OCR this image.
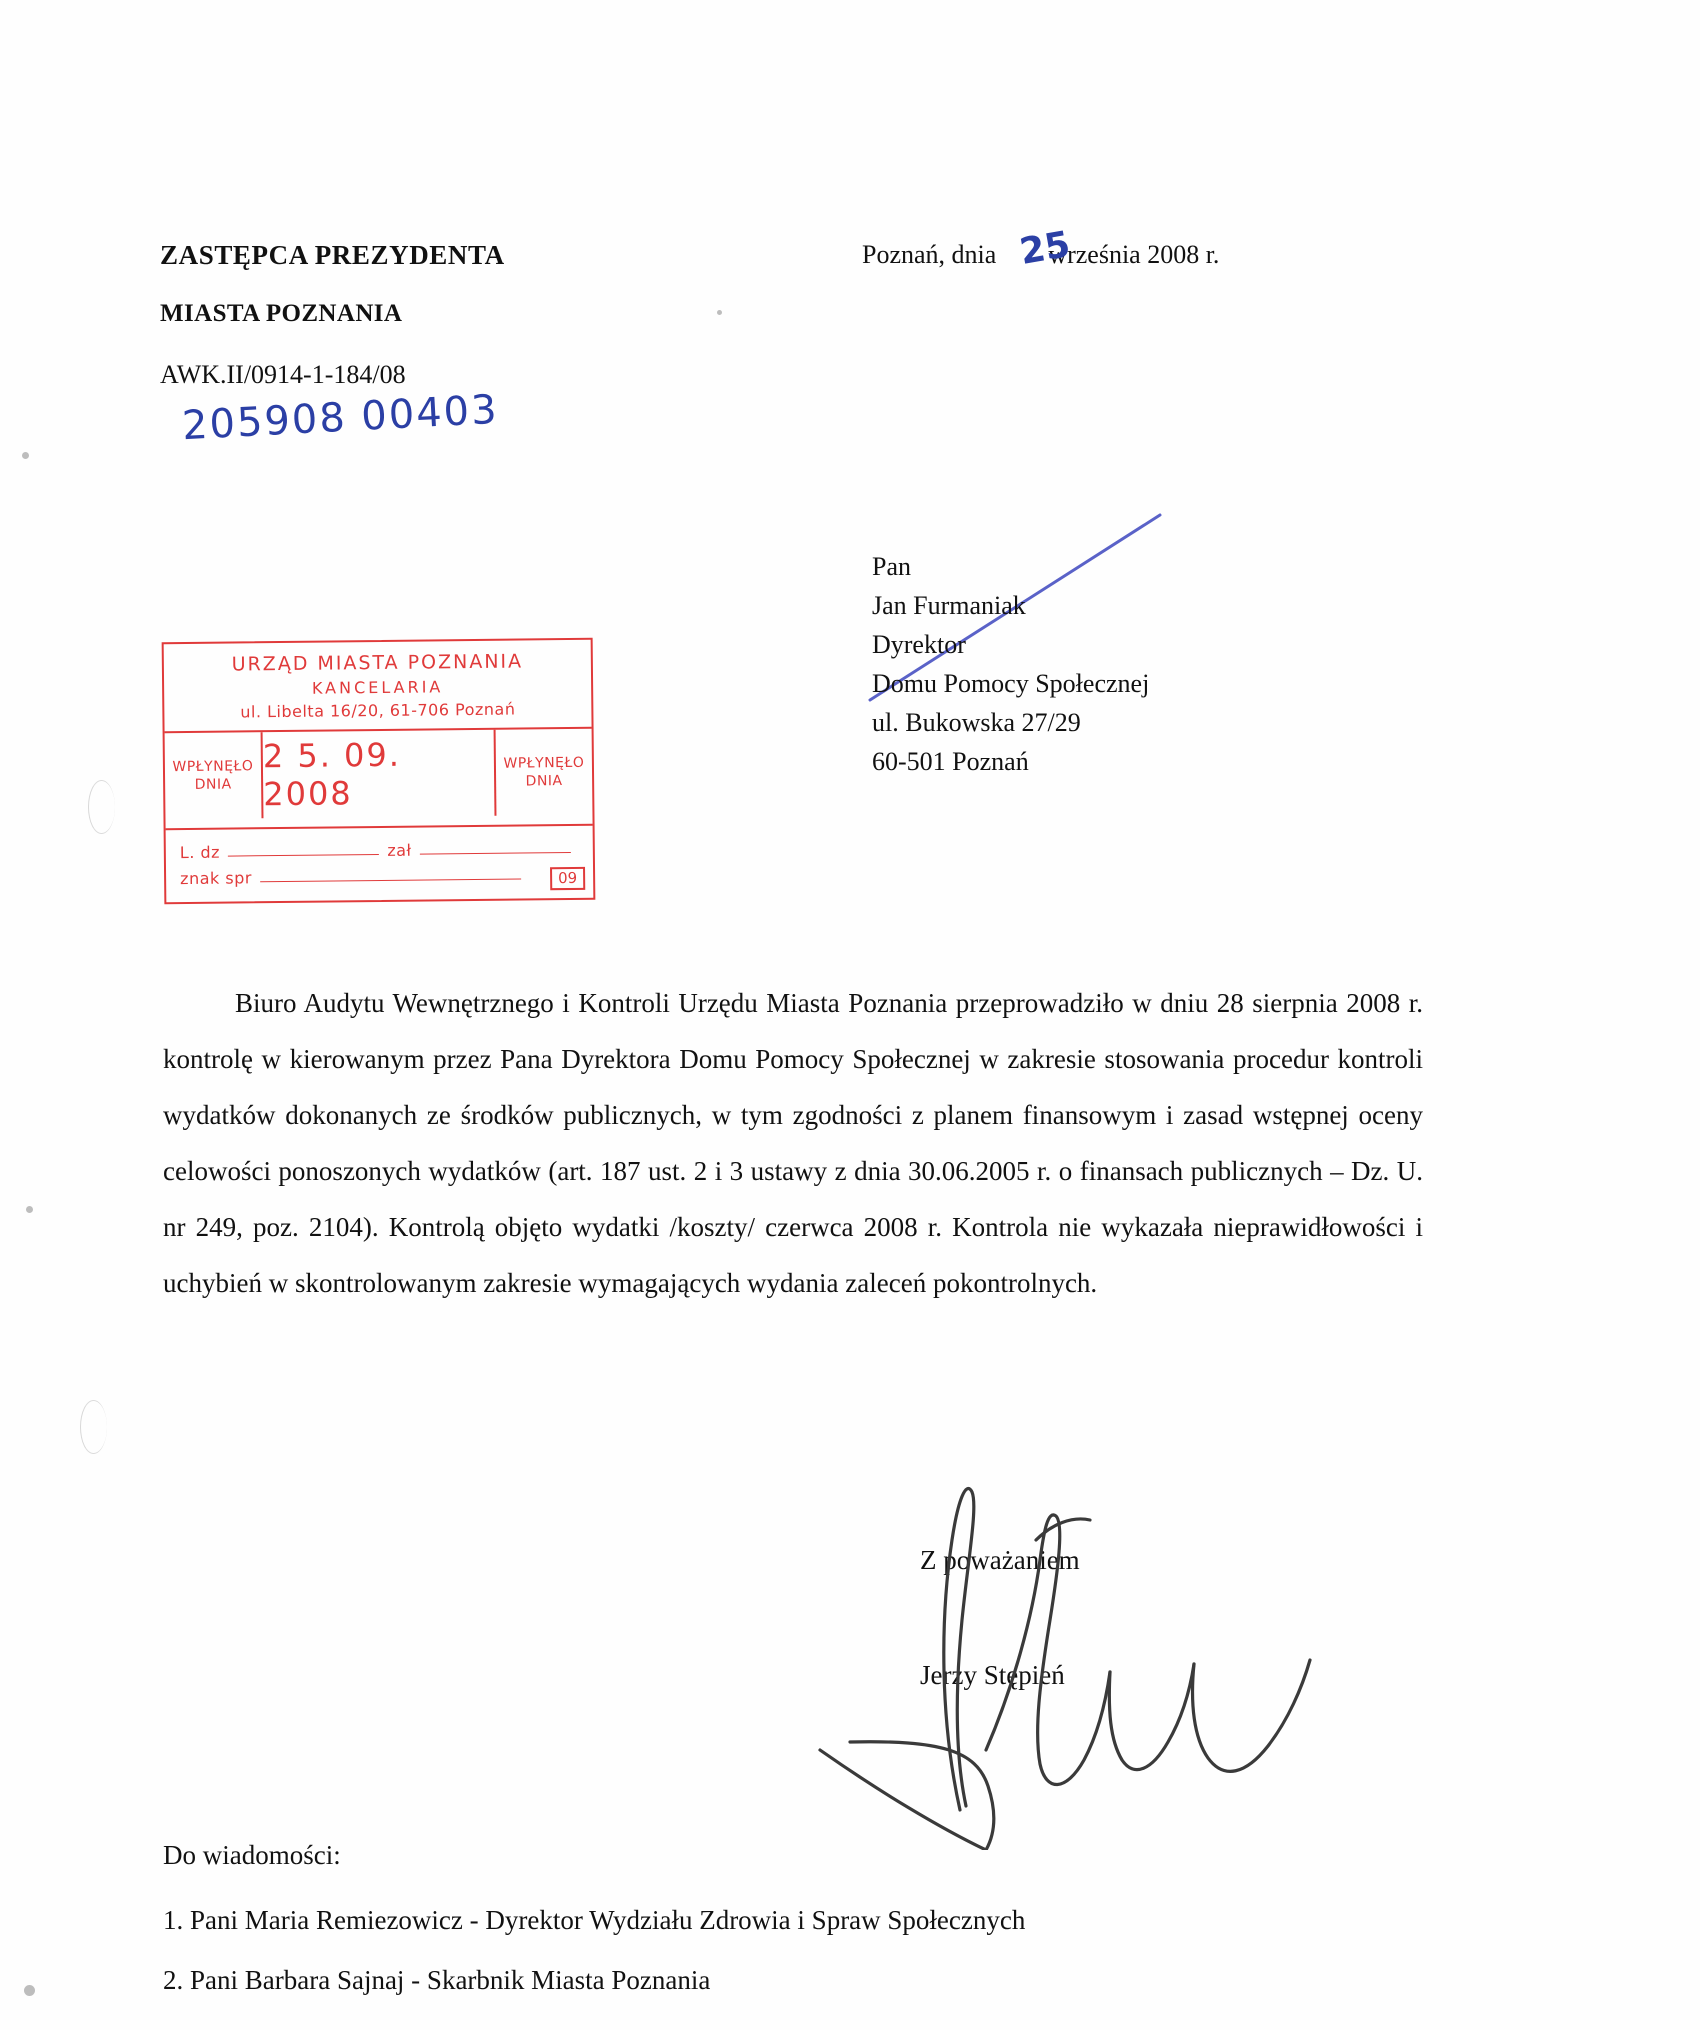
ZASTĘPCA PREZYDENTA
MIASTA POZNANIA
AWK.II/0914-1-184/08
205908 00403
Poznań, dnia września 2008 r.
25
Pan
Jan Furmaniak
Dyrektor
Domu Pomocy Społecznej
ul. Bukowska 27/29
60-501 Poznań
URZĄD MIASTA POZNANIA
KANCELARIA
ul. Libelta 16/20, 61-706 Poznań
WPŁYNĘŁO
DNIA
2 5. 09. 2008
WPŁYNĘŁO
DNIA
L. dz	zał
znak spr	09
Biuro Audytu Wewnętrznego i Kontroli Urzędu Miasta Poznania przeprowadziło w dniu 28 sierpnia 2008 r. kontrolę w kierowanym przez Pana Dyrektora Domu Pomocy Społecznej w zakresie stosowania procedur kontroli wydatków dokonanych ze środków publicznych, w tym zgodności z planem finansowym i zasad wstępnej oceny celowości ponoszonych wydatków (art. 187 ust. 2 i 3 ustawy z dnia 30.06.2005 r. o finansach publicznych – Dz. U. nr 249, poz. 2104). Kontrolą objęto wydatki /koszty/ czerwca 2008 r. Kontrola nie wykazała nieprawidłowości i uchybień w skontrolowanym zakresie wymagających wydania zaleceń pokontrolnych.
Z poważaniem
Jerzy Stępień
Do wiadomości:
1. Pani Maria Remiezowicz - Dyrektor Wydziału Zdrowia i Spraw Społecznych
2. Pani Barbara Sajnaj - Skarbnik Miasta Poznania
